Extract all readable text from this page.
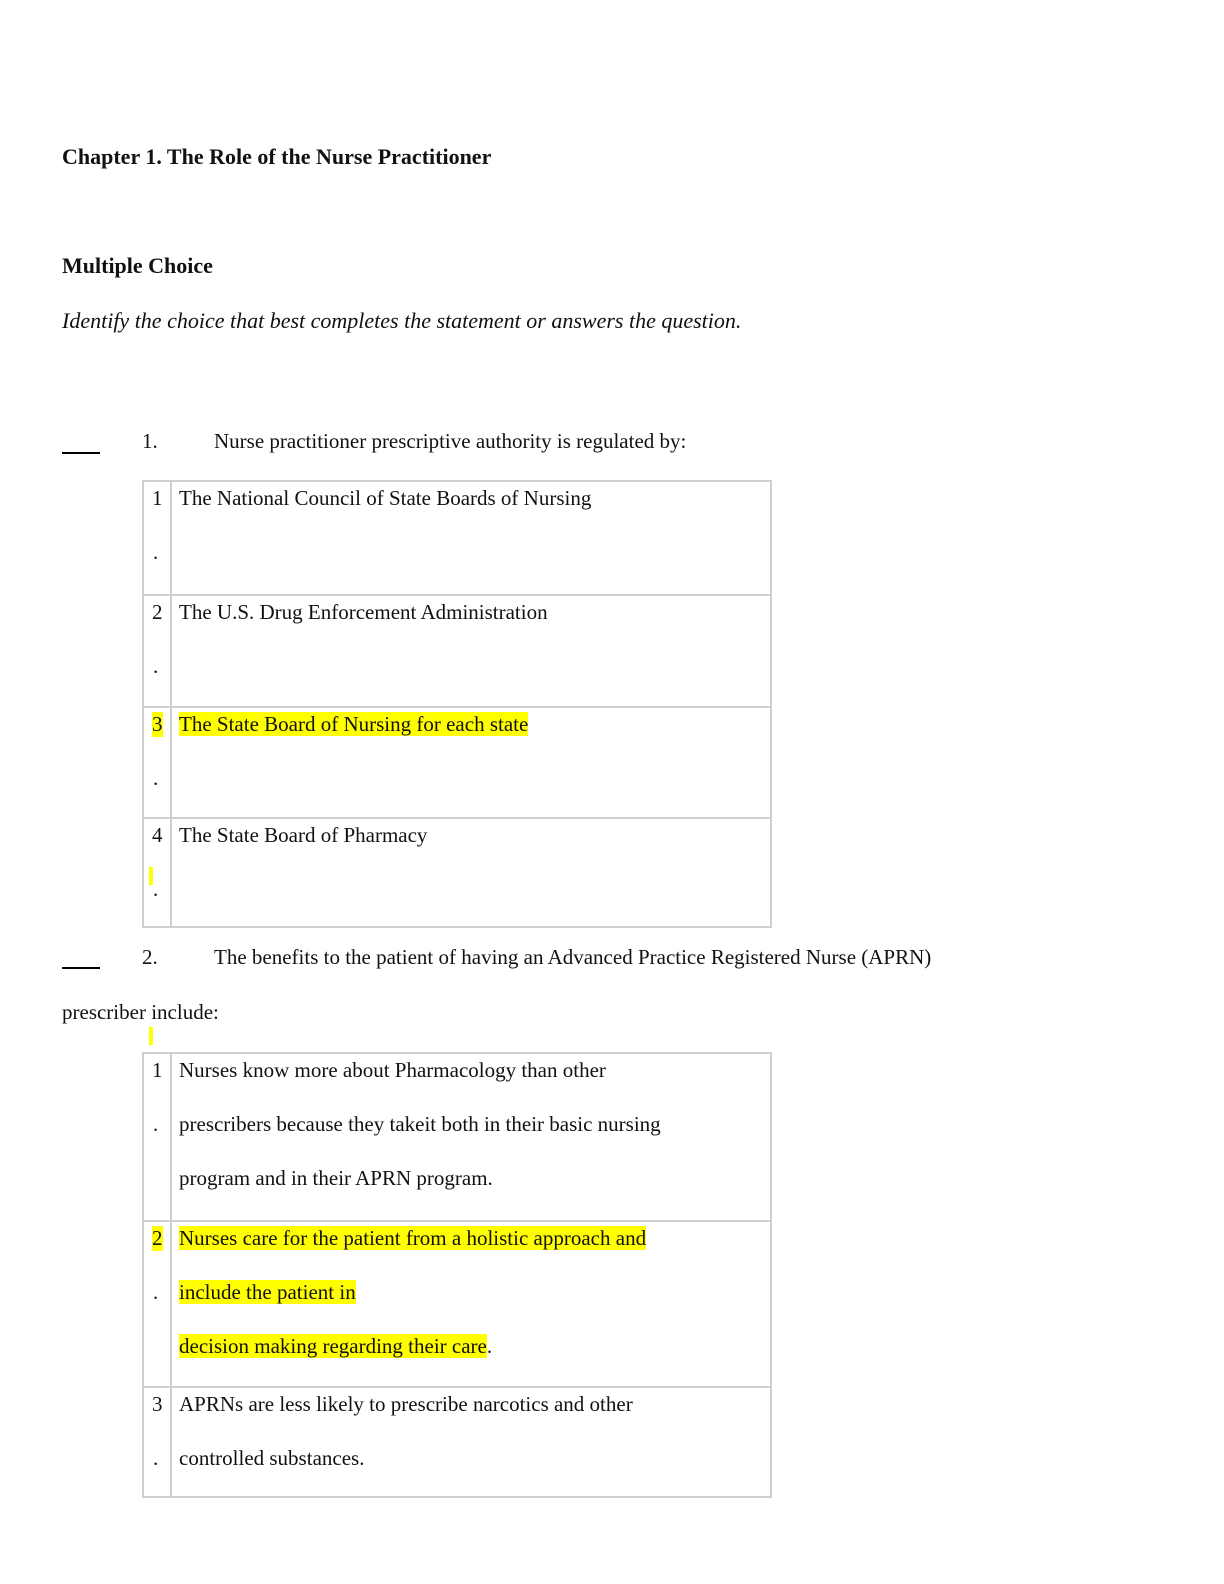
Chapter 1. The Role of the Nurse Practitioner
Multiple Choice
Identify the choice that best completes the statement or answers the question.
1.	Nurse practitioner prescriptive authority is regulated by:
1
.
The National Council of State Boards of Nursing
2
.
The U.S. Drug Enforcement Administration
3
.
The State Board of Nursing for each state
4
.
The State Board of Pharmacy
2.	The benefits to the patient of having an Advanced Practice Registered Nurse (APRN)
prescriber include:
1
.
Nurses know more about Pharmacology than other
prescribers because they takeit both in their basic nursing
program and in their APRN program.
2
.
Nurses care for the patient from a holistic approach and
include the patient in
decision making regarding their care.
3
.
APRNs are less likely to prescribe narcotics and other
controlled substances.
